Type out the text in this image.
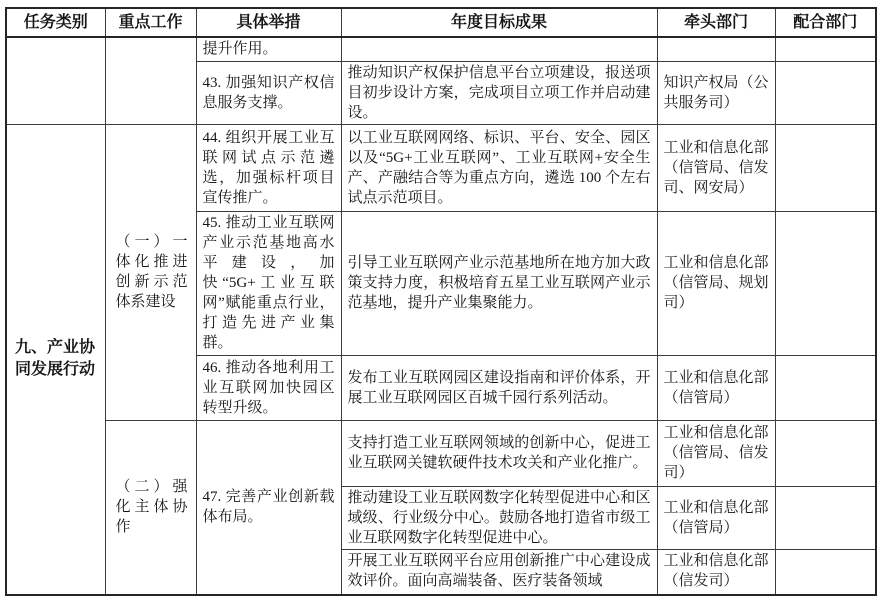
任务类别	重点工作	具体举措	年度目标成果	牵头部门	配合部门
		提升作用。			
		43. 加强知识产权信息服务支撑。	推动知识产权保护信息平台立项建设，报送项目初步设计方案，完成项目立项工作并启动建设。	知识产权局（公共服务司）	
九、产业协同发展行动	（一）一体化推进创新示范体系建设	44. 组织开展工业互联网试点示范遴选，加强标杆项目宣传推广。	以工业互联网网络、标识、平台、安全、园区以及“5G+工业互联网”、工业互联网+安全生产、产融结合等为重点方向，遴选 100 个左右试点示范项目。	工业和信息化部（信管局、信发司、网安局）	
		45. 推动工业互联网产业示范基地高水平建设，加快“5G+工业互联网”赋能重点行业，打造先进产业集群。	引导工业互联网产业示范基地所在地方加大政策支持力度，积极培育五星工业互联网产业示范基地，提升产业集聚能力。	工业和信息化部（信管局、规划司）	
		46. 推动各地利用工业互联网加快园区转型升级。	发布工业互联网园区建设指南和评价体系，开展工业互联网园区百城千园行系列活动。	工业和信息化部（信管局）	
	（二）强化主体协作	47. 完善产业创新载体布局。	支持打造工业互联网领域的创新中心，促进工业互联网关键软硬件技术攻关和产业化推广。	工业和信息化部（信管局、信发司）	
			推动建设工业互联网数字化转型促进中心和区域级、行业级分中心。鼓励各地打造省市级工业互联网数字化转型促进中心。	工业和信息化部（信管局）	
			开展工业互联网平台应用创新推广中心建设成效评价。面向高端装备、医疗装备领域	工业和信息化部（信发司）	
